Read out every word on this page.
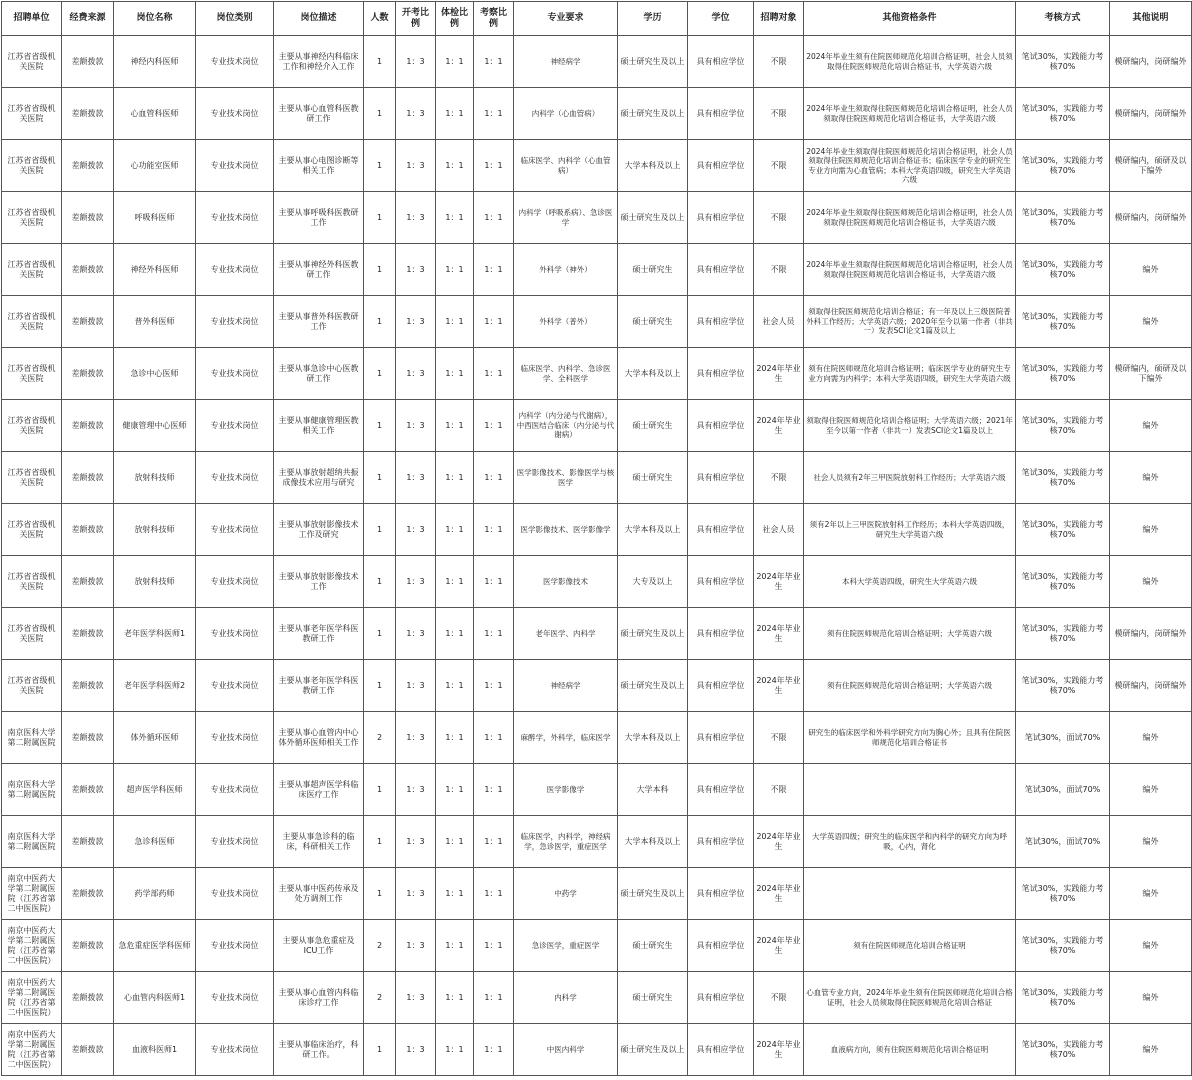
招聘单位	经费来源	岗位名称	岗位类别	岗位描述	人数	开考比例	体检比例	考察比例	专业要求	学历	学位	招聘对象	其他资格条件	考核方式	其他说明
江苏省省级机关医院	差额拨款	神经内科医师	专业技术岗位	主要从事神经内科临床工作和神经介入工作	1	1：3	1：1	1：1	神经病学	硕士研究生及以上	具有相应学位	不限	2024年毕业生须有住院医师规范化培训合格证明，社会人员须取得住院医师规范化培训合格证书，大学英语六级	笔试30%，实践能力考核70%	模研编内，岗研编外
江苏省省级机关医院	差额拨款	心血管科医师	专业技术岗位	主要从事心血管科医教研工作	1	1：3	1：1	1：1	内科学（心血管病）	硕士研究生及以上	具有相应学位	不限	2024年毕业生须取得住院医师规范化培训合格证明，社会人员须取得住院医师规范化培训合格证书，大学英语六级	笔试30%，实践能力考核70%	模研编内，岗研编外
江苏省省级机关医院	差额拨款	心功能室医师	专业技术岗位	主要从事心电图诊断等相关工作	1	1：3	1：1	1：1	临床医学、内科学（心血管病）	大学本科及以上	具有相应学位	不限	2024年毕业生须取得住院医师规范化培训合格证明，社会人员须取得住院医师规范化培训合格证书；临床医学专业的研究生专业方向需为心血管病；本科大学英语四级，研究生大学英语六级	笔试30%，实践能力考核70%	模研编内，硕研及以下编外
江苏省省级机关医院	差额拨款	呼吸科医师	专业技术岗位	主要从事呼吸科医教研工作	1	1：3	1：1	1：1	内科学（呼吸系病）、急诊医学	硕士研究生及以上	具有相应学位	不限	2024年毕业生须取得住院医师规范化培训合格证明，社会人员须取得住院医师规范化培训合格证书，大学英语六级	笔试30%，实践能力考核70%	模研编内，岗研编外
江苏省省级机关医院	差额拨款	神经外科医师	专业技术岗位	主要从事神经外科医教研工作	1	1：3	1：1	1：1	外科学（神外）	硕士研究生	具有相应学位	不限	2024年毕业生须取得住院医师规范化培训合格证明，社会人员须取得住院医师规范化培训合格证书，大学英语六级	笔试30%，实践能力考核70%	编外
江苏省省级机关医院	差额拨款	普外科医师	专业技术岗位	主要从事普外科医教研工作	1	1：3	1：1	1：1	外科学（普外）	硕士研究生	具有相应学位	社会人员	须取得住院医师规范化培训合格证；有一年及以上三级医院普外科工作经历；大学英语六级；2020年至今以第一作者（非共一）发表SCI论文1篇及以上	笔试30%，实践能力考核70%	编外
江苏省省级机关医院	差额拨款	急诊中心医师	专业技术岗位	主要从事急诊中心医教研工作	1	1：3	1：1	1：1	临床医学、内科学、急诊医学、全科医学	大学本科及以上	具有相应学位	2024年毕业生	须有住院医师规范化培训合格证明；临床医学专业的研究生专业方向需为内科学；本科大学英语四级，研究生大学英语六级	笔试30%，实践能力考核70%	模研编内，硕研及以下编外
江苏省省级机关医院	差额拨款	健康管理中心医师	专业技术岗位	主要从事健康管理医教相关工作	1	1：3	1：1	1：1	内科学（内分泌与代谢病），中西医结合临床（内分泌与代谢病）	硕士研究生	具有相应学位	2024年毕业生	须取得住院医师规范化培训合格证明；大学英语六级；2021年至今以第一作者（非共一）发表SCI论文1篇及以上	笔试30%，实践能力考核70%	编外
江苏省省级机关医院	差额拨款	放射科技师	专业技术岗位	主要从事放射超纳共振成像技术应用与研究	1	1：3	1：1	1：1	医学影像技术、影像医学与核医学	硕士研究生	具有相应学位	不限	社会人员须有2年三甲医院放射科工作经历；大学英语六级	笔试30%，实践能力考核70%	编外
江苏省省级机关医院	差额拨款	放射科技师	专业技术岗位	主要从事放射影像技术工作及研究	1	1：3	1：1	1：1	医学影像技术、医学影像学	大学本科及以上	具有相应学位	社会人员	须有2年以上三甲医院放射科工作经历；本科大学英语四级，研究生大学英语六级	笔试30%，实践能力考核70%	编外
江苏省省级机关医院	差额拨款	放射科技师	专业技术岗位	主要从事放射影像技术工作	1	1：3	1：1	1：1	医学影像技术	大专及以上	具有相应学位	2024年毕业生	本科大学英语四级，研究生大学英语六级	笔试30%，实践能力考核70%	编外
江苏省省级机关医院	差额拨款	老年医学科医师1	专业技术岗位	主要从事老年医学科医教研工作	1	1：3	1：1	1：1	老年医学、内科学	硕士研究生及以上	具有相应学位	2024年毕业生	须有住院医师规范化培训合格证明；大学英语六级	笔试30%，实践能力考核70%	模研编内，岗研编外
江苏省省级机关医院	差额拨款	老年医学科医师2	专业技术岗位	主要从事老年医学科医教研工作	1	1：3	1：1	1：1	神经病学	硕士研究生及以上	具有相应学位	2024年毕业生	须有住院医师规范化培训合格证明；大学英语六级	笔试30%，实践能力考核70%	模研编内，岗研编外
南京医科大学第二附属医院	差额拨款	体外循环医师	专业技术岗位	主要从事心血管内中心体外循环医师相关工作	2	1：3	1：1	1：1	麻醉学，外科学，临床医学	大学本科及以上	具有相应学位	不限	研究生的临床医学和外科学研究方向为胸心外；且具有住院医师规范化培训合格证书	笔试30%，面试70%	编外
南京医科大学第二附属医院	差额拨款	超声医学科医师	专业技术岗位	主要从事超声医学科临床医疗工作	1	1：3	1：1	1：1	医学影像学	大学本科	具有相应学位	不限		笔试30%，面试70%	编外
南京医科大学第二附属医院	差额拨款	急诊科医师	专业技术岗位	主要从事急诊科的临床，科研相关工作	1	1：3	1：1	1：1	临床医学，内科学，神经病学，急诊医学，重症医学	大学本科及以上	具有相应学位	2024年毕业生	大学英语四级；研究生的临床医学和内科学的研究方向为呼吸，心内，肾化	笔试30%，面试70%	编外
南京中医药大学第二附属医院（江苏省第二中医医院）	差额拨款	药学部药师	专业技术岗位	主要从事中医药传承及处方调剂工作	1	1：3	1：1	1：1	中药学	硕士研究生及以上	具有相应学位	2024年毕业生		笔试30%，实践能力考核70%	编外
南京中医药大学第二附属医院（江苏省第二中医医院）	差额拨款	急危重症医学科医师	专业技术岗位	主要从事急危重症及ICU工作	2	1：3	1：1	1：1	急诊医学，重症医学	硕士研究生	具有相应学位	2024年毕业生	须有住院医师规范化培训合格证明	笔试30%，实践能力考核70%	编外
南京中医药大学第二附属医院（江苏省第二中医医院）	差额拨款	心血管内科医师1	专业技术岗位	主要从事心血管内科临床诊疗工作	2	1：3	1：1	1：1	内科学	硕士研究生	具有相应学位	不限	心血管专业方向，2024年毕业生须有住院医师规范化培训合格证明，社会人员须取得住院医师规范化培训合格证	笔试30%，实践能力考核70%	编外
南京中医药大学第二附属医院（江苏省第二中医医院）	差额拨款	血液科医师1	专业技术岗位	主要从事临床治疗，科研工作。	1	1：3	1：1	1：1	中医内科学	硕士研究生及以上	具有相应学位	2024年毕业生	血液病方向，须有住院医师规范化培训合格证明	笔试30%，实践能力考核70%	编外
